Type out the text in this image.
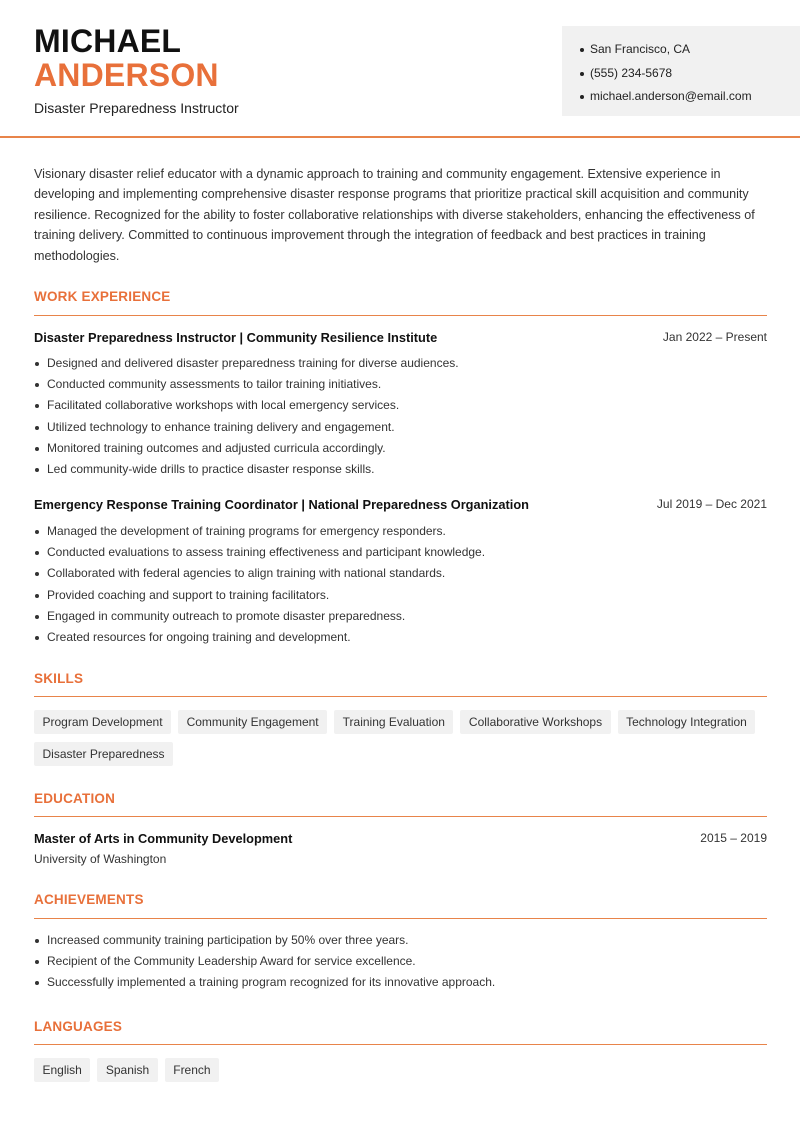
MICHAEL
ANDERSON
Disaster Preparedness Instructor
San Francisco, CA
(555) 234-5678
michael.anderson@email.com

Visionary disaster relief educator with a dynamic approach to training and community engagement. Extensive experience in developing and implementing comprehensive disaster response programs that prioritize practical skill acquisition and community resilience. Recognized for the ability to foster collaborative relationships with diverse stakeholders, enhancing the effectiveness of training delivery. Committed to continuous improvement through the integration of feedback and best practices in training methodologies.

WORK EXPERIENCE
Disaster Preparedness Instructor | Community Resilience Institute	Jan 2022 – Present
Designed and delivered disaster preparedness training for diverse audiences.
Conducted community assessments to tailor training initiatives.
Facilitated collaborative workshops with local emergency services.
Utilized technology to enhance training delivery and engagement.
Monitored training outcomes and adjusted curricula accordingly.
Led community-wide drills to practice disaster response skills.
Emergency Response Training Coordinator | National Preparedness Organization	Jul 2019 – Dec 2021
Managed the development of training programs for emergency responders.
Conducted evaluations to assess training effectiveness and participant knowledge.
Collaborated with federal agencies to align training with national standards.
Provided coaching and support to training facilitators.
Engaged in community outreach to promote disaster preparedness.
Created resources for ongoing training and development.
SKILLS
Program Development	Community Engagement	Training Evaluation	Collaborative Workshops	Technology Integration
Disaster Preparedness
EDUCATION
Master of Arts in Community Development	2015 – 2019
University of Washington
ACHIEVEMENTS
Increased community training participation by 50% over three years.
Recipient of the Community Leadership Award for service excellence.
Successfully implemented a training program recognized for its innovative approach.
LANGUAGES
English	Spanish	French
